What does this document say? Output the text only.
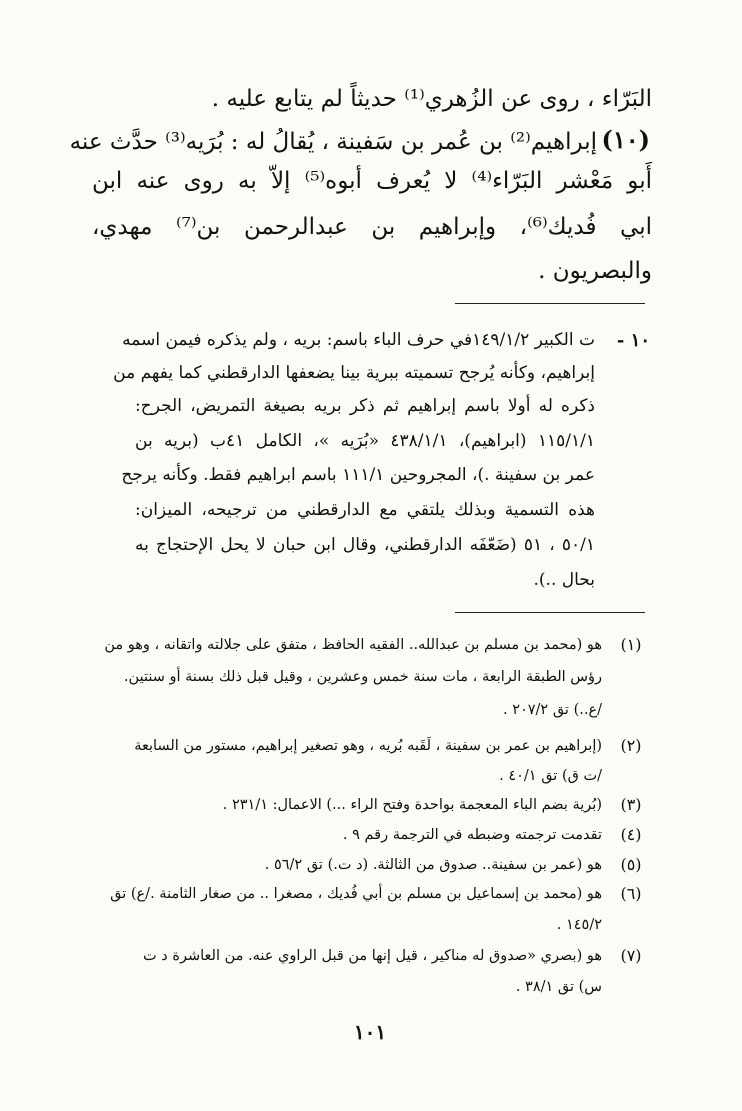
البَرّاء ، روى عن الزُهري⁽¹⁾ حديثاً لم يتابع عليه .
(١٠)
إبراهيم⁽²⁾ بن عُمر بن سَفينة ، يُقالُ له : بُرَيه⁽³⁾ حدَّث عنه
أَبو مَعْشر البَرّاء⁽⁴⁾ لا يُعرف أبوه⁽⁵⁾ إلاّ به روى عنه ابن
ابي فُديك⁽⁶⁾، وإبراهيم بن عبدالرحمن بن⁽⁷⁾ مهدي،
والبصريون .
١٠ -
ت الكبير ١٤٩/١/٢في حرف الباء باسم: بريه ، ولم يذكره فيمن اسمه
إبراهيم، وكأنه يُرجح تسميته ببرية بينا يضعفها الدارقطني كما يفهم من
ذكره له أولا باسم إبراهيم ثم ذكر بريه بصيغة التمريض، الجرح:
١١٥/١/١ (ابراهيم)، ٤٣٨/١/١ «بُرَيه »، الكامل ٤١ب (بريه بن
عمر بن سفينة .)، المجروحين ١١١/١ باسم ابراهيم فقط. وكأنه يرجح
هذه التسمية وبذلك يلتقي مع الدارقطني من ترجيحه، الميزان:
٥٠/١ ، ٥١ (ضَعّفَه الدارقطني، وقال ابن حبان لا يحل الإحتجاج به
بحال ..).
(١)
هو (محمد بن مسلم بن عبدالله.. الفقيه الحافظ ، متفق على جلالته واتقانه ، وهو من
رؤس الطبقة الرابعة ، مات سنة خمس وعشرين ، وقيل قبل ذلك بسنة أو سنتين.
/ع..) تق ٢٠٧/٢ .
(٢)
(إبراهيم بن عمر بن سفينة ، لَقَبه بُريه ، وهو تصغير إبراهيم، مستور من السابعة
/ت ق) تق ٤٠/١ .
(٣)
(بُرية بضم الباء المعجمة بواحدة وفتح الراء ...) الاعمال: ٢٣١/١ .
(٤)
تقدمت ترجمته وضبطه في الترجمة رقم ٩ .
(٥)
هو (عمر بن سفينة.. صدوق من الثالثة. (د ت.) تق ٥٦/٢ .
(٦)
هو (محمد بن إسماعيل بن مسلم بن أبي فُديك ، مصغرا .. من صغار الثامنة ./ع) تق
١٤٥/٢ .
(٧)
هو (بصري «صدوق له مناكير ، قيل إنها من قبل الراوي عنه. من العاشرة د ت
س) تق ٣٨/١ .
١٠١
